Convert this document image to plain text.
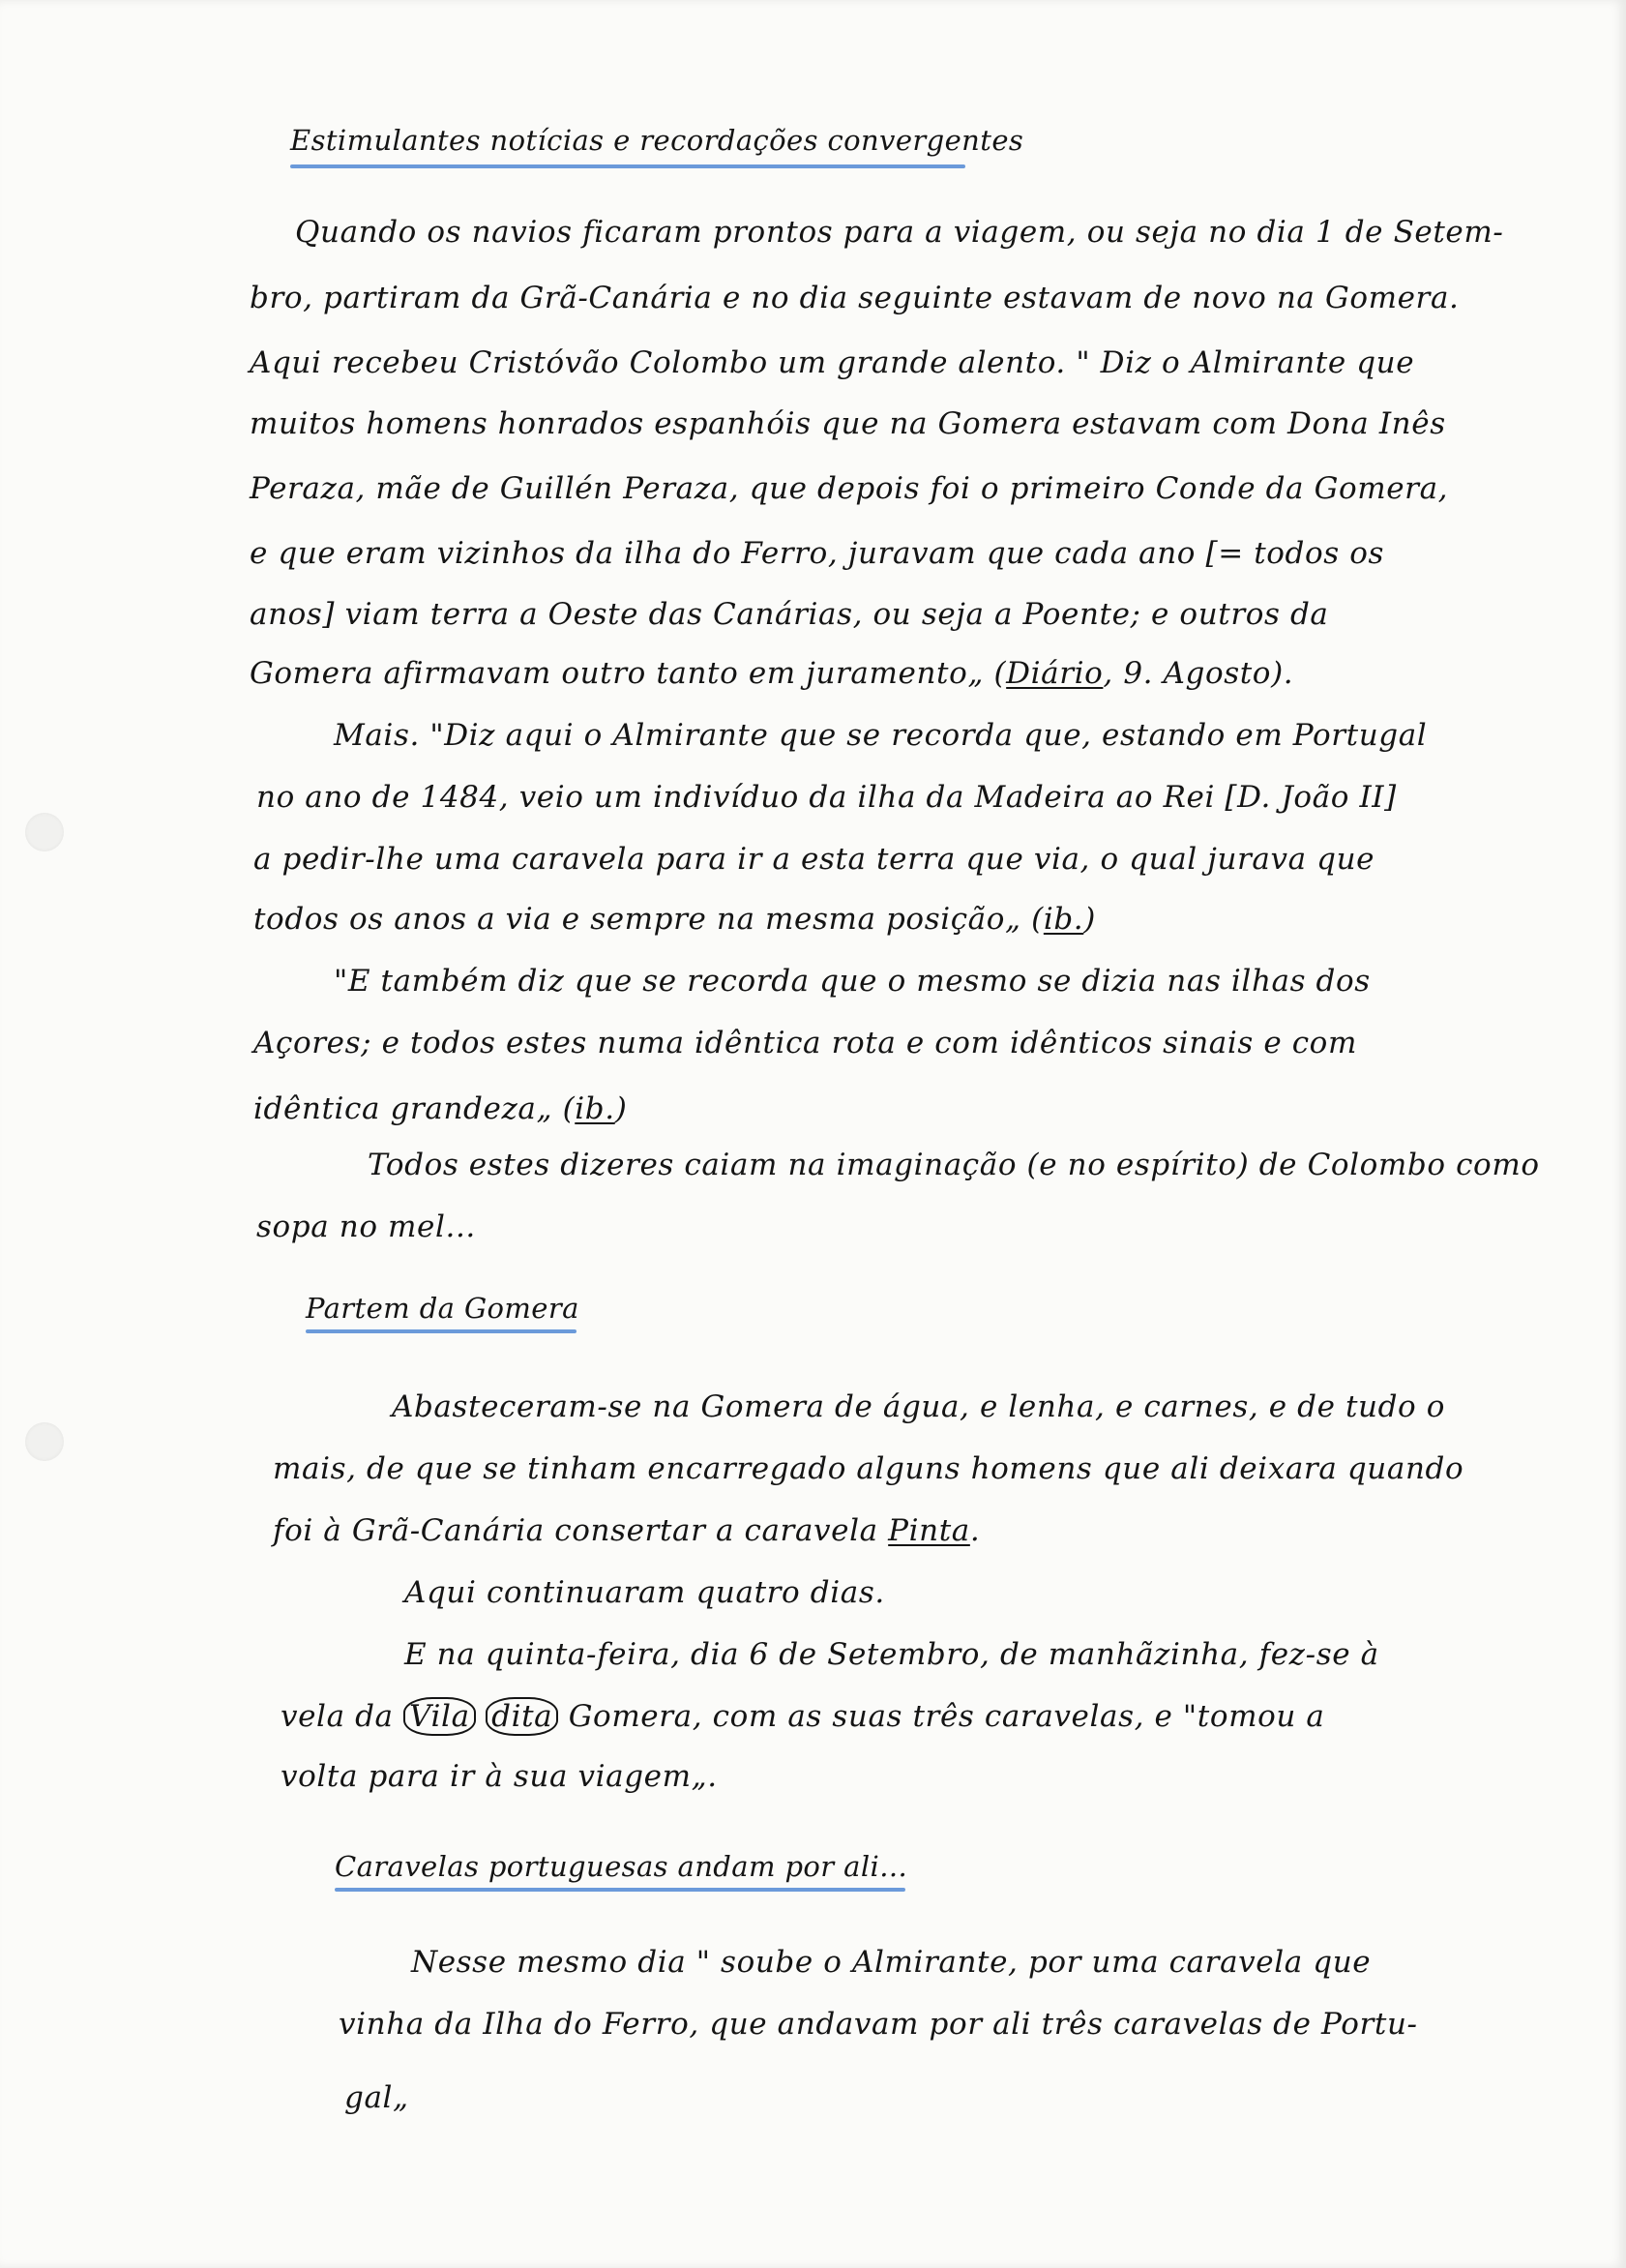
Estimulantes notícias e recordações convergentes
Quando os navios ficaram prontos para a viagem, ou seja no dia 1 de Setem-
bro, partiram da Grã-Canária e no dia seguinte estavam de novo na Gomera.
Aqui recebeu Cristóvão Colombo um grande alento. " Diz o Almirante que
muitos homens honrados espanhóis que na Gomera estavam com Dona Inês
Peraza, mãe de Guillén Peraza, que depois foi o primeiro Conde da Gomera,
e que eram vizinhos da ilha do Ferro, juravam que cada ano [= todos os
anos] viam terra a Oeste das Canárias, ou seja a Poente; e outros da
Gomera afirmavam outro tanto em juramento„ (Diário, 9. Agosto).
Mais. "Diz aqui o Almirante que se recorda que, estando em Portugal
no ano de 1484, veio um indivíduo da ilha da Madeira ao Rei [D. João II]
a pedir-lhe uma caravela para ir a esta terra que via, o qual jurava que
todos os anos a via e sempre na mesma posição„ (ib.)
"E também diz que se recorda que o mesmo se dizia nas ilhas dos
Açores; e todos estes numa idêntica rota e com idênticos sinais e com
idêntica grandeza„ (ib.)
Todos estes dizeres caiam na imaginação (e no espírito) de Colombo como
sopa no mel...
Partem da Gomera
Abasteceram-se na Gomera de água, e lenha, e carnes, e de tudo o
mais, de que se tinham encarregado alguns homens que ali deixara quando
foi à Grã-Canária consertar a caravela Pinta.
Aqui continuaram quatro dias.
E na quinta-feira, dia 6 de Setembro, de manhãzinha, fez-se à
vela da Vila dita Gomera, com as suas três caravelas, e "tomou a
volta para ir à sua viagem„.
Caravelas portuguesas andam por ali...
Nesse mesmo dia " soube o Almirante, por uma caravela que
vinha da Ilha do Ferro, que andavam por ali três caravelas de Portu-
gal„
